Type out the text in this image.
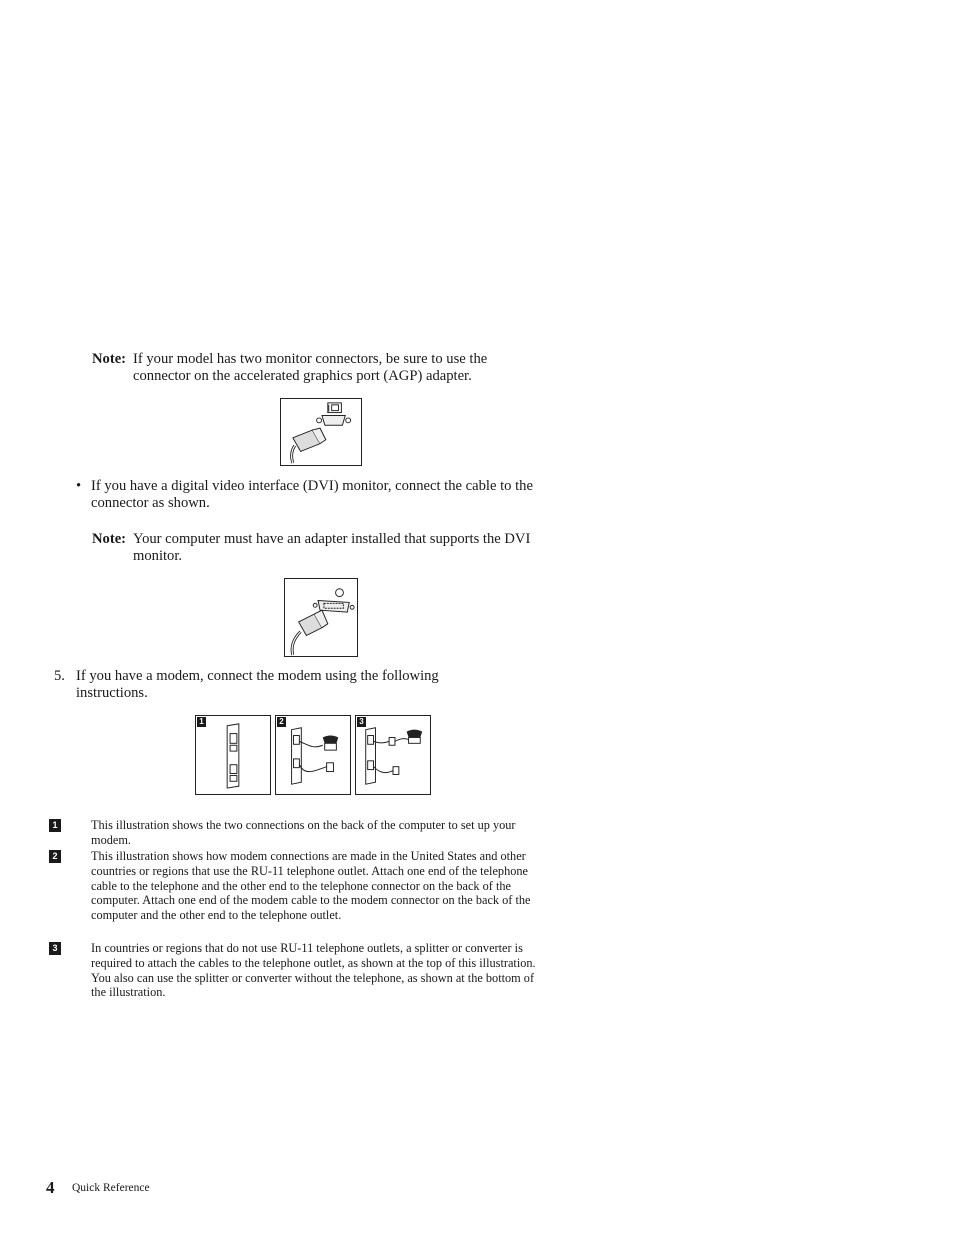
Note: If your model has two monitor connectors, be sure to use the connector on the accelerated graphics port (AGP) adapter.
• If you have a digital video interface (DVI) monitor, connect the cable to the connector as shown.
Note: Your computer must have an adapter installed that supports the DVI monitor.
5. If you have a modem, connect the modem using the following instructions.
1	2	3
1	This illustration shows the two connections on the back of the computer to set up your modem.
2	This illustration shows how modem connections are made in the United States and other countries or regions that use the RU-11 telephone outlet. Attach one end of the telephone cable to the telephone and the other end to the telephone connector on the back of the computer. Attach one end of the modem cable to the modem connector on the back of the computer and the other end to the telephone outlet.
3	In countries or regions that do not use RU-11 telephone outlets, a splitter or converter is required to attach the cables to the telephone outlet, as shown at the top of this illustration. You also can use the splitter or converter without the telephone, as shown at the bottom of the illustration.
4 Quick Reference
